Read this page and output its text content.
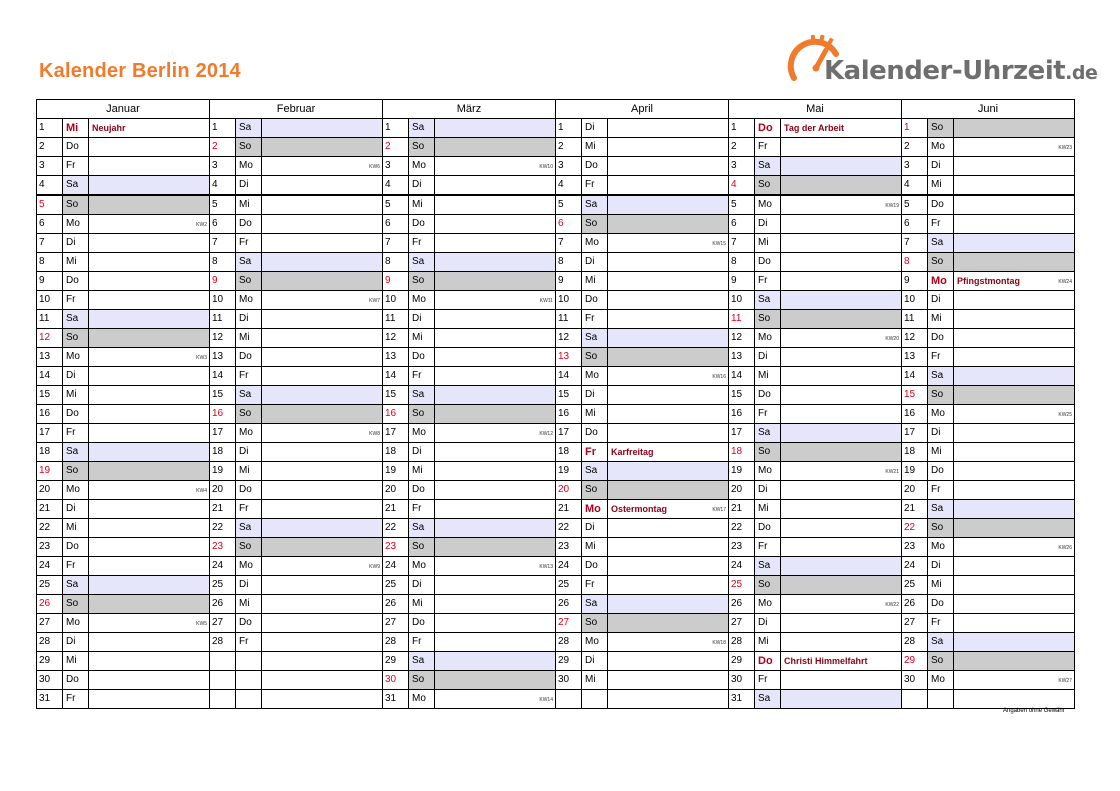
Kalender Berlin 2014	Kalender-Uhrzeit.de
Januar			Februar			März			April			Mai			Juni		
1	Mi	Neujahr	1	Sa		1	Sa		1	Di		1	Do	Tag der Arbeit	1	So	
2	Do		2	So		2	So		2	Mi		2	Fr		2	Mo	KW23

3	Fr		3	Mo	KW6	3	Mo	KW10	3	Do		3	Sa		3	Di	
4	Sa		4	Di		4	Di		4	Fr		4	So		4	Mi	
5	So		5	Mi		5	Mi		5	Sa		5	Mo	KW19	5	Do	
6	Mo	KW2	6	Do		6	Do		6	So		6	Di		6	Fr	
7	Di		7	Fr		7	Fr		7	Mo	KW15	7	Mi		7	Sa	
8	Mi		8	Sa		8	Sa		8	Di		8	Do		8	So	
9	Do		9	So		9	So		9	Mi		9	Fr		9	Mo	Pfingstmontag KW24

10	Fr		10	Mo	KW7	10	Mo	KW11	10	Do		10	Sa		10	Di	
11	Sa		11	Di		11	Di		11	Fr		11	So		11	Mi	
12	So		12	Mi		12	Mi		12	Sa		12	Mo	KW20	12	Do	
13	Mo	KW3	13	Do		13	Do		13	So		13	Di		13	Fr	
14	Di		14	Fr		14	Fr		14	Mo	KW16	14	Mi		14	Sa	
15	Mi		15	Sa		15	Sa		15	Di		15	Do		15	So	
16	Do		16	So		16	So		16	Mi		16	Fr		16	Mo	KW25

17	Fr		17	Mo	KW8	17	Mo	KW12	17	Do		17	Sa		17	Di	
18	Sa		18	Di		18	Di		18	Fr	Karfreitag	18	So		18	Mi	
19	So		19	Mi		19	Mi		19	Sa		19	Mo	KW21	19	Do	
20	Mo	KW4	20	Do		20	Do		20	So		20	Di		20	Fr	
21	Di		21	Fr		21	Fr		21	Mo	Ostermontag KW17	21	Mi		21	Sa	
22	Mi		22	Sa		22	Sa		22	Di		22	Do		22	So	
23	Do		23	So		23	So		23	Mi		23	Fr		23	Mo	KW26

24	Fr		24	Mo	KW9	24	Mo	KW13	24	Do		24	Sa		24	Di	
25	Sa		25	Di		25	Di		25	Fr		25	So		25	Mi	
26	So		26	Mi		26	Mi		26	Sa		26	Mo	KW22	26	Do	
27	Mo	KW5	27	Do		27	Do		27	So		27	Di		27	Fr	
28	Di		28	Fr		28	Fr		28	Mo	KW18	28	Mi		28	Sa	
29	Mi					29	Sa		29	Di		29	Do	Christi Himmelfahrt	29	So	
30	Do					30	So		30	Mi		30	Fr		30	Mo	KW27

31	Fr					31	Mo	KW14				31	Sa				
Angaben ohne Gewähr
